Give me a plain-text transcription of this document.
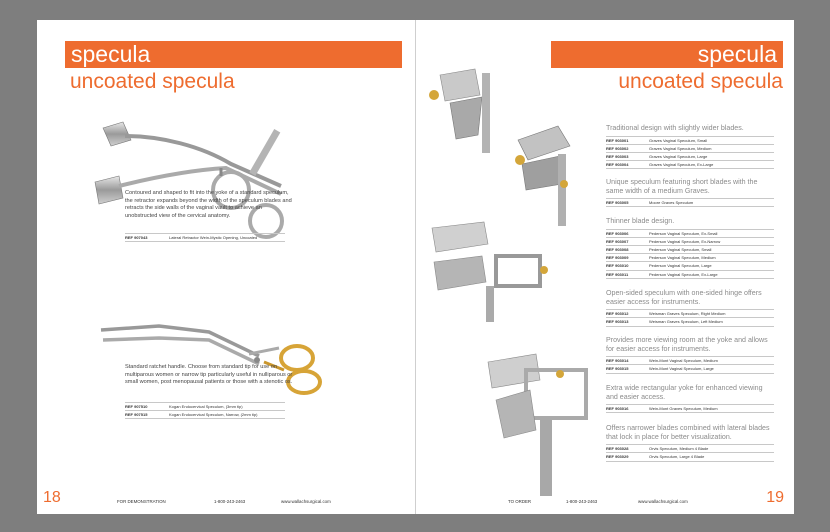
specula
uncoated specula
Contoured and shaped to fit into the yoke of a standard speculum, the retractor expands beyond the width of the speculum blades and retracts the side walls of the vaginal vault to achieve an unobstructed view of the cervical anatomy.
REF 907043	Lateral Retractor Wein-Mystic Opening, Uncoated
Standard ratchet handle. Choose from standard tip for use on multiparous women or narrow tip particularly useful in nulliparous or small women, post menopausal patients or those with a stenotic os.
REF 907510	Kogan Endocervical Speculum, (3mm tip)
REF 907515	Kogan Endocervical Speculum, Narrow, (2mm tip)
18	FOR DEMONSTRATION	1-800-243-2463	www.wallachsurgical.com
specula
uncoated specula
Traditional design with slightly wider blades.
REF 903001	Graves Vaginal Speculum, Small
REF 903002	Graves Vaginal Speculum, Medium
REF 903003	Graves Vaginal Speculum, Large
REF 903004	Graves Vaginal Speculum, Ex-Large
Unique speculum featuring short blades with the same width of a medium Graves.
REF 903005	Moore Graves Speculum
Thinner blade design.
REF 903006	Pederson Vaginal Speculum, Ex-Small
REF 903007	Pederson Vaginal Speculum, Ex-Narrow
REF 903008	Pederson Vaginal Speculum, Small
REF 903009	Pederson Vaginal Speculum, Medium
REF 903010	Pederson Vaginal Speculum, Large
REF 903011	Pederson Vaginal Speculum, Ex-Large
Open-sided speculum with one-sided hinge offers easier access for instruments.
REF 903012	Weisman Graves Speculum, Right Medium
REF 903013	Weisman Graves Speculum, Left Medium
Provides more viewing room at the yoke and allows for easier access for instruments.
REF 903014	Wein-Mont Vaginal Speculum, Medium
REF 903015	Wein-Mont Vaginal Speculum, Large
Extra wide rectangular yoke for enhanced viewing and easier access.
REF 903016	Wein-Mont Graves Speculum, Medium
Offers narrower blades combined with lateral blades that lock in place for better visualization.
REF 903028	Orvis Speculum, Medium 4 Blade
REF 903029	Orvis Speculum, Large 4 Blade
TO ORDER	1-800-243-2463	www.wallachsurgical.com	19
